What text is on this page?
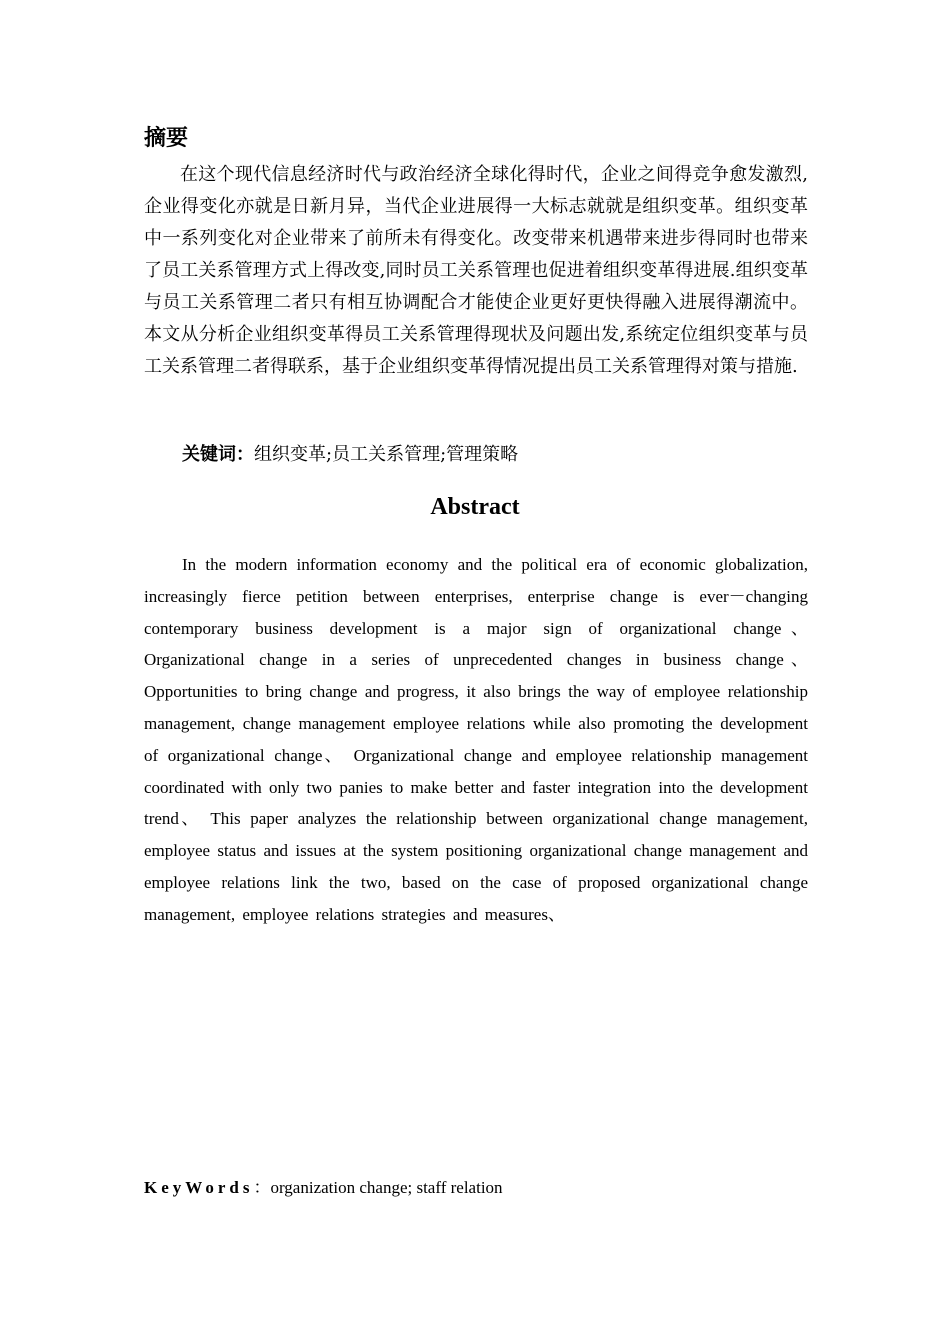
摘要

在这个现代信息经济时代与政治经济全球化得时代，企业之间得竞争愈发激烈,企业得变化亦就是日新月异，当代企业进展得一大标志就就是组织变革。组织变革中一系列变化对企业带来了前所未有得变化。改变带来机遇带来进步得同时也带来了员工关系管理方式上得改变,同时员工关系管理也促进着组织变革得进展.组织变革与员工关系管理二者只有相互协调配合才能使企业更好更快得融入进展得潮流中。本文从分析企业组织变革得员工关系管理得现状及问题出发,系统定位组织变革与员工关系管理二者得联系，基于企业组织变革得情况提出员工关系管理得对策与措施.

关键词：组织变革;员工关系管理;管理策略

Abstract

In the modern information economy and the political era of economic globalization, increasingly fierce petition between enterprises, enterprise change is ever－changing contemporary business development is a major sign of organizational change、 Organizational change in a series of unprecedented changes in business change、 Opportunities to bring change and progress, it also brings the way of employee relationship management, change management employee relations while also promoting the development of organizational change、 Organizational change and employee relationship management coordinated with only two panies to make better and faster integration into the development trend、 This paper analyzes the relationship between organizational change management, employee status and issues at the system positioning organizational change management and employee relations link the two, based on the case of proposed organizational change management, employee relations strategies and measures、

KeyWords：organization change; staff relation
